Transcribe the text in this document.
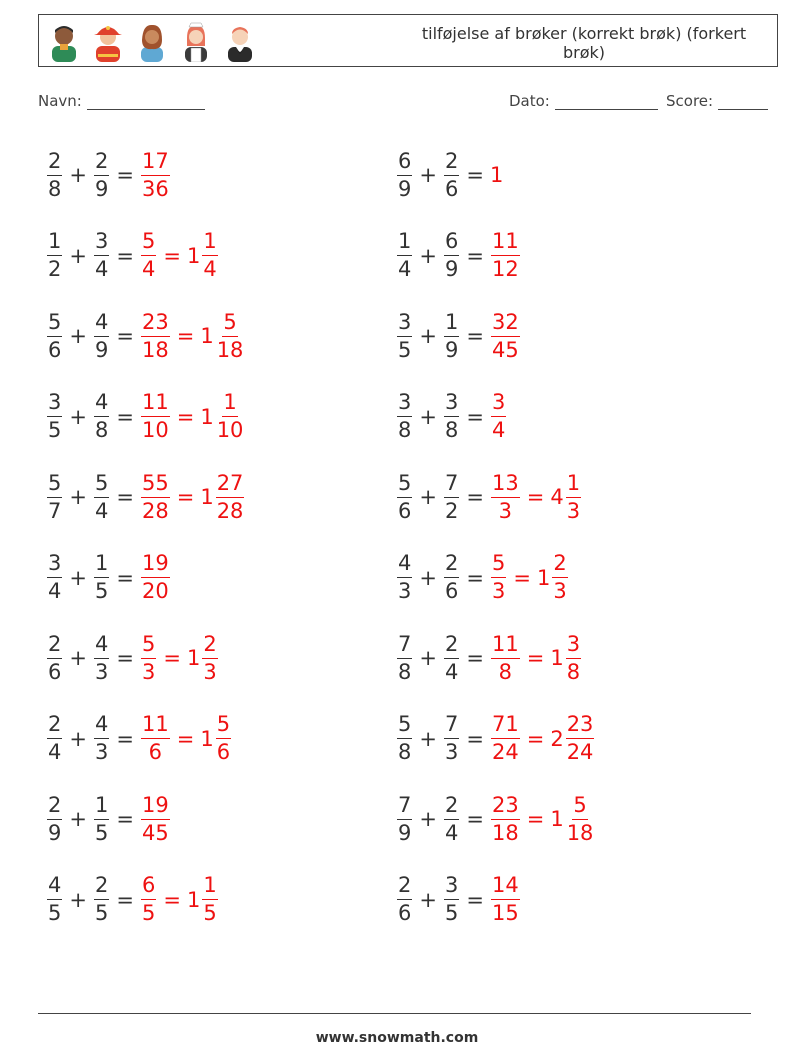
tilføjelse af brøker (korrekt brøk) (forkert brøk)
Navn:	Dato:	Score:
$\frac{2}{8} + \frac{2}{9} = \frac{17}{36}$	$\frac{6}{9} + \frac{2}{6} = 1$
$\frac{1}{2} + \frac{3}{4} = \frac{5}{4} = 1 \frac{1}{4}$	$\frac{1}{4} + \frac{6}{9} = \frac{11}{12}$
$\frac{5}{6} + \frac{4}{9} = \frac{23}{18} = 1 \frac{5}{18}$	$\frac{3}{5} + \frac{1}{9} = \frac{32}{45}$
$\frac{3}{5} + \frac{4}{8} = \frac{11}{10} = 1 \frac{1}{10}$	$\frac{3}{8} + \frac{3}{8} = \frac{3}{4}$
$\frac{5}{7} + \frac{5}{4} = \frac{55}{28} = 1 \frac{27}{28}$	$\frac{5}{6} + \frac{7}{2} = \frac{13}{3} = 4 \frac{1}{3}$
$\frac{3}{4} + \frac{1}{5} = \frac{19}{20}$	$\frac{4}{3} + \frac{2}{6} = \frac{5}{3} = 1 \frac{2}{3}$
$\frac{2}{6} + \frac{4}{3} = \frac{5}{3} = 1 \frac{2}{3}$	$\frac{7}{8} + \frac{2}{4} = \frac{11}{8} = 1 \frac{3}{8}$
$\frac{2}{4} + \frac{4}{3} = \frac{11}{6} = 1 \frac{5}{6}$	$\frac{5}{8} + \frac{7}{3} = \frac{71}{24} = 2 \frac{23}{24}$
$\frac{2}{9} + \frac{1}{5} = \frac{19}{45}$	$\frac{7}{9} + \frac{2}{4} = \frac{23}{18} = 1 \frac{5}{18}$
$\frac{4}{5} + \frac{2}{5} = \frac{6}{5} = 1 \frac{1}{5}$	$\frac{2}{6} + \frac{3}{5} = \frac{14}{15}$
www.snowmath.com
